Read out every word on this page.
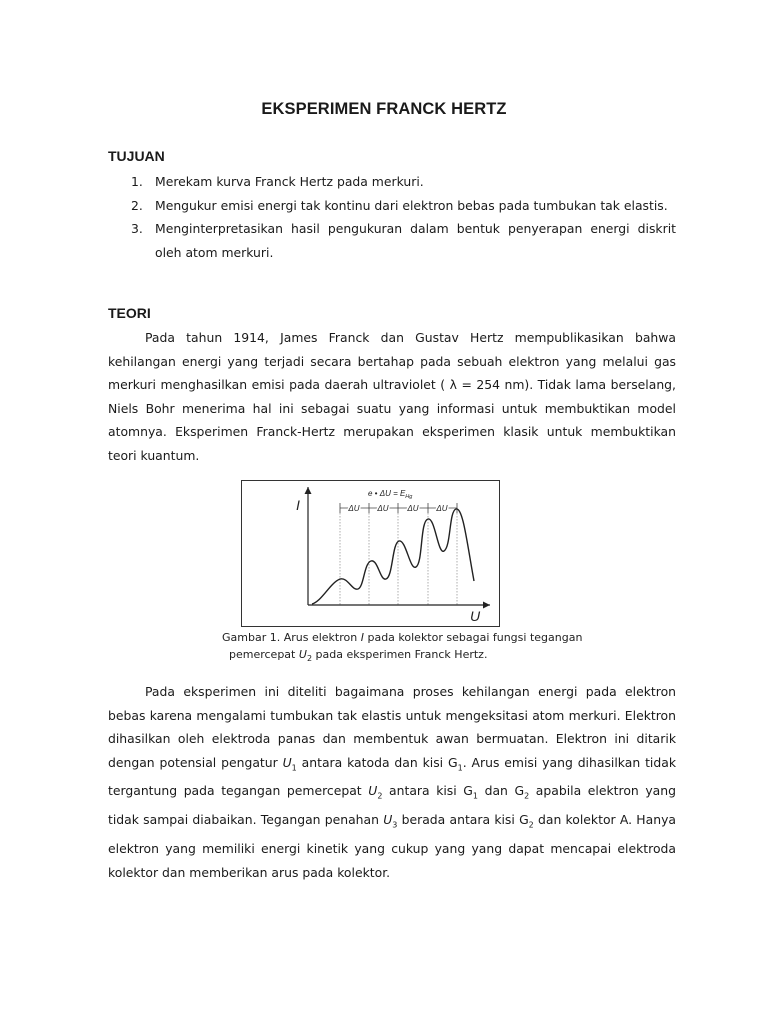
EKSPERIMEN FRANCK HERTZ
TUJUAN
1. Merekam kurva Franck Hertz pada merkuri.
2. Mengukur emisi energi tak kontinu dari elektron bebas pada tumbukan tak elastis.
3. Menginterpretasikan hasil pengukuran dalam bentuk penyerapan energi diskrit oleh atom merkuri.
TEORI

Pada tahun 1914, James Franck dan Gustav Hertz mempublikasikan bahwa kehilangan energi yang terjadi secara bertahap pada sebuah elektron yang melalui gas merkuri menghasilkan emisi pada daerah ultraviolet ( λ = 254 nm). Tidak lama berselang, Niels Bohr menerima hal ini sebagai suatu yang informasi untuk membuktikan model atomnya. Eksperimen Franck-Hertz merupakan eksperimen klasik untuk membuktikan teori kuantum.

I
U
e • $\Delta U = E_{Hg}$
ΔU ΔU ΔU ΔU
Gambar 1. Arus elektron I pada kolektor sebagai fungsi tegangan
pemercepat $U_2$ pada eksperimen Franck Hertz.

Pada eksperimen ini diteliti bagaimana proses kehilangan energi pada elektron bebas karena mengalami tumbukan tak elastis untuk mengeksitasi atom merkuri. Elektron dihasilkan oleh elektroda panas dan membentuk awan bermuatan. Elektron ini ditarik dengan potensial pengatur $U_1$ antara katoda dan kisi $G_1$. Arus emisi yang dihasilkan tidak tergantung pada tegangan pemercepat $U_2$ antara kisi $G_1$ dan $G_2$ apabila elektron yang tidak sampai diabaikan. Tegangan penahan $U_3$ berada antara kisi $G_2$ dan kolektor A. Hanya elektron yang memiliki energi kinetik yang cukup yang yang dapat mencapai elektroda kolektor dan memberikan arus pada kolektor.
